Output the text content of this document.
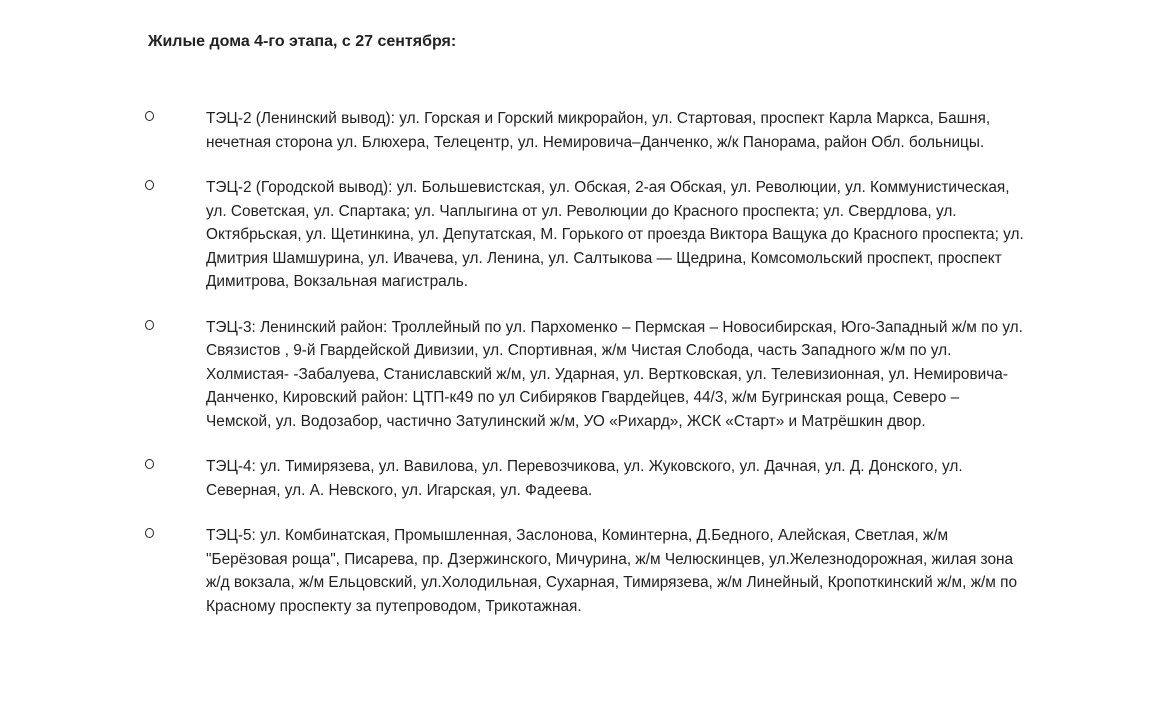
Жилые дома 4-го этапа, с 27 сентября:
ТЭЦ-2 (Ленинский вывод): ул. Горская и Горский микрорайон, ул. Стартовая, проспект Карла Маркса, Башня, нечетная сторона ул. Блюхера, Телецентр, ул. Немировича–Данченко, ж/к Панорама, район Обл. больницы.
ТЭЦ-2 (Городской вывод): ул. Большевистская, ул. Обская, 2-ая Обская, ул. Революции, ул. Коммунистическая, ул. Советская, ул. Спартака; ул. Чаплыгина от ул. Революции до Красного проспекта; ул. Свердлова, ул. Октябрьская, ул. Щетинкина, ул. Депутатская, М. Горького от проезда Виктора Ващука до Красного проспекта; ул. Дмитрия Шамшурина, ул. Ивачева, ул. Ленина, ул. Салтыкова — Щедрина, Комсомольский проспект, проспект Димитрова, Вокзальная магистраль.
ТЭЦ-3: Ленинский район: Троллейный по ул. Пархоменко – Пермская – Новосибирская, Юго-Западный ж/м по ул. Связистов , 9-й Гвардейской Дивизии, ул. Спортивная, ж/м Чистая Слобода, часть Западного ж/м по ул. Холмистая- -Забалуева, Станиславский ж/м, ул. Ударная, ул. Вертковская, ул. Телевизионная, ул. Немировича-Данченко, Кировский район: ЦТП-к49 по ул Сибиряков Гвардейцев, 44/3, ж/м Бугринская роща, Северо – Чемской, ул. Водозабор, частично Затулинский ж/м, УО «Рихард», ЖСК «Старт» и Матрёшкин двор.
ТЭЦ-4: ул. Тимирязева, ул. Вавилова, ул. Перевозчикова, ул. Жуковского, ул. Дачная, ул. Д. Донского, ул. Северная, ул. А. Невского, ул. Игарская, ул. Фадеева.
ТЭЦ-5: ул. Комбинатская, Промышленная, Заслонова, Коминтерна, Д.Бедного, Алейская, Светлая, ж/м "Берёзовая роща", Писарева, пр. Дзержинского, Мичурина, ж/м Челюскинцев, ул.Железнодорожная, жилая зона ж/д вокзала, ж/м Ельцовский, ул.Холодильная, Сухарная, Тимирязева, ж/м Линейный, Кропоткинский ж/м, ж/м по Красному проспекту за путепроводом, Трикотажная.
